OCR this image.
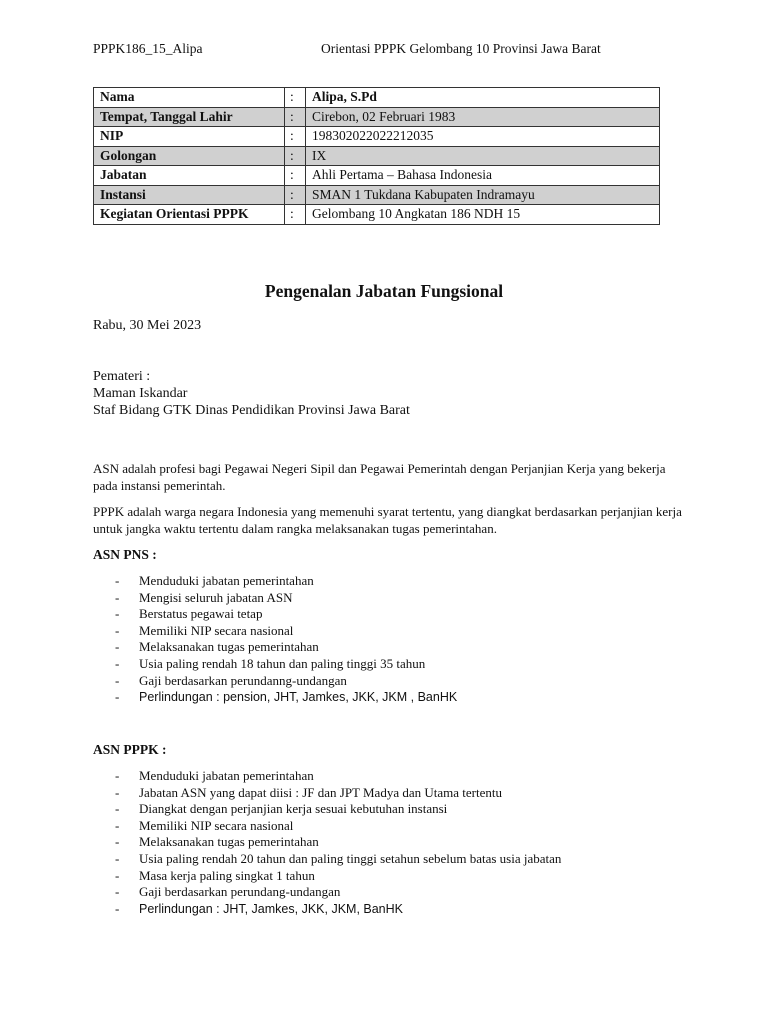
PPPK186_15_Alipa	Orientasi PPPK Gelombang 10 Provinsi Jawa Barat
Nama	:	Alipa, S.Pd
Tempat, Tanggal Lahir	:	Cirebon, 02 Februari 1983
NIP	:	198302022022212035
Golongan	:	IX
Jabatan	:	Ahli Pertama – Bahasa Indonesia
Instansi	:	SMAN 1 Tukdana Kabupaten Indramayu
Kegiatan Orientasi PPPK	:	Gelombang 10 Angkatan 186 NDH 15
Pengenalan Jabatan Fungsional
Rabu, 30 Mei 2023
Pemateri :
Maman Iskandar
Staf Bidang GTK Dinas Pendidikan Provinsi Jawa Barat
ASN adalah profesi bagi Pegawai Negeri Sipil dan Pegawai Pemerintah dengan Perjanjian Kerja yang bekerja pada instansi pemerintah.
PPPK adalah warga negara Indonesia yang memenuhi syarat tertentu, yang diangkat berdasarkan perjanjian kerja untuk jangka waktu tertentu dalam rangka melaksanakan tugas pemerintahan.
ASN PNS :
- Menduduki jabatan pemerintahan
- Mengisi seluruh jabatan ASN
- Berstatus pegawai tetap
- Memiliki NIP secara nasional
- Melaksanakan tugas pemerintahan
- Usia paling rendah 18 tahun dan paling tinggi 35 tahun
- Gaji berdasarkan perundanng-undangan
- Perlindungan : pension, JHT, Jamkes, JKK, JKM , BanHK
ASN PPPK :
- Menduduki jabatan pemerintahan
- Jabatan ASN yang dapat diisi : JF dan JPT Madya dan Utama tertentu
- Diangkat dengan perjanjian kerja sesuai kebutuhan instansi
- Memiliki NIP secara nasional
- Melaksanakan tugas pemerintahan
- Usia paling rendah 20 tahun dan paling tinggi setahun sebelum batas usia jabatan
- Masa kerja paling singkat 1 tahun
- Gaji berdasarkan perundang-undangan
- Perlindungan : JHT, Jamkes, JKK, JKM, BanHK
